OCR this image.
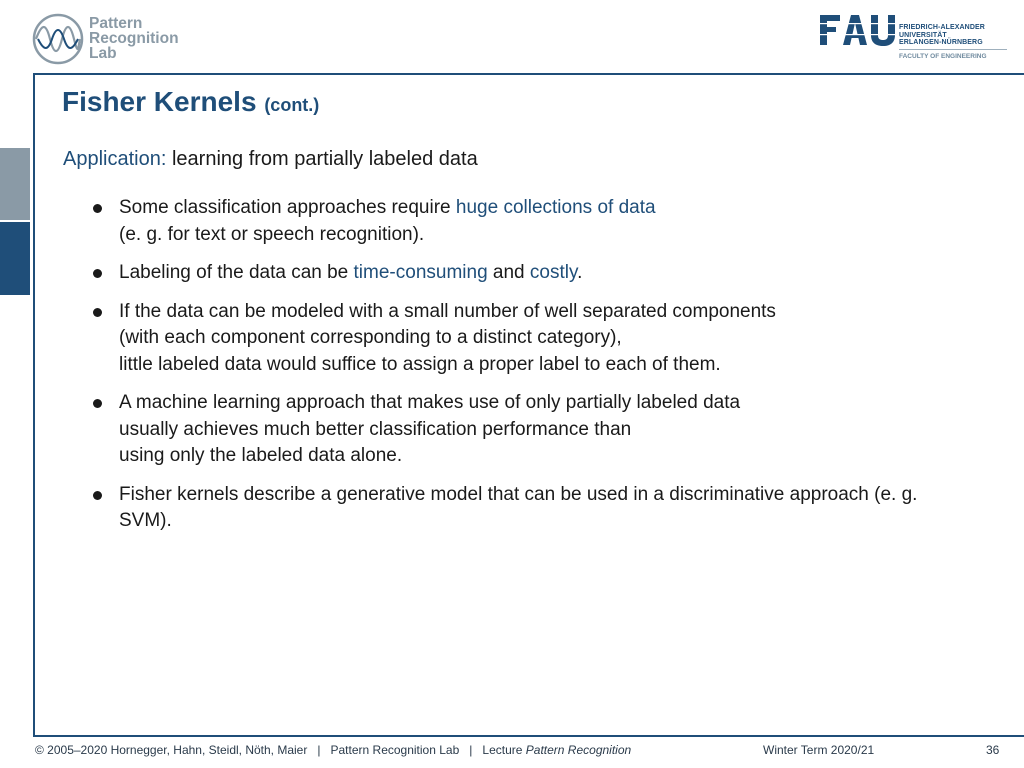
Pattern
Recognition
Lab
FRIEDRICH-ALEXANDER
UNIVERSITÄT
ERLANGEN-NÜRNBERG
FACULTY OF ENGINEERING
Fisher Kernels (cont.)
Application: learning from partially labeled data
Some classification approaches require huge collections of data
(e. g. for text or speech recognition).
Labeling of the data can be time-consuming and costly.
If the data can be modeled with a small number of well separated components
(with each component corresponding to a distinct category),
little labeled data would suffice to assign a proper label to each of them.
A machine learning approach that makes use of only partially labeled data
usually achieves much better classification performance than
using only the labeled data alone.
Fisher kernels describe a generative model that can be used in a discriminative approach (e. g.
SVM).
© 2005–2020 Hornegger, Hahn, Steidl, Nöth, Maier | Pattern Recognition Lab | Lecture Pattern Recognition	Winter Term 2020/21	36
